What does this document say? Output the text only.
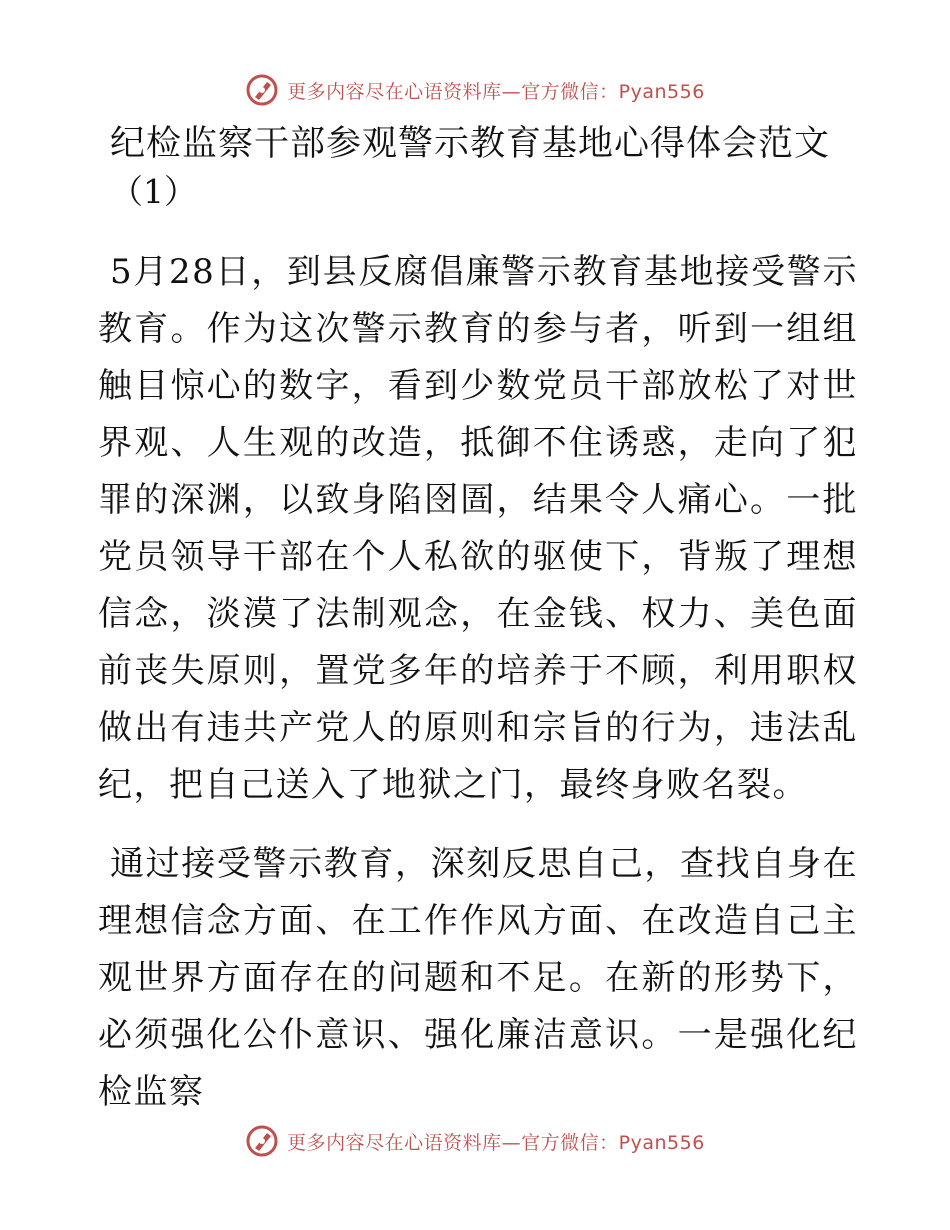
更多内容尽在心语资料库—官方微信：Pyan556
纪检监察干部参观警示教育基地心得体会范文
（1）

5月28日，到县反腐倡廉警示教育基地接受警示教育。作为这次警示教育的参与者，听到一组组触目惊心的数字，看到少数党员干部放松了对世界观、人生观的改造，抵御不住诱惑，走向了犯罪的深渊，以致身陷囹圄，结果令人痛心。一批党员领导干部在个人私欲的驱使下，背叛了理想信念，淡漠了法制观念，在金钱、权力、美色面前丧失原则，置党多年的培养于不顾，利用职权做出有违共产党人的原则和宗旨的行为，违法乱纪，把自己送入了地狱之门，最终身败名裂。

通过接受警示教育，深刻反思自己，查找自身在理想信念方面、在工作作风方面、在改造自己主观世界方面存在的问题和不足。在新的形势下，必须强化公仆意识、强化廉洁意识。一是强化纪检监察

更多内容尽在心语资料库—官方微信：Pyan556
